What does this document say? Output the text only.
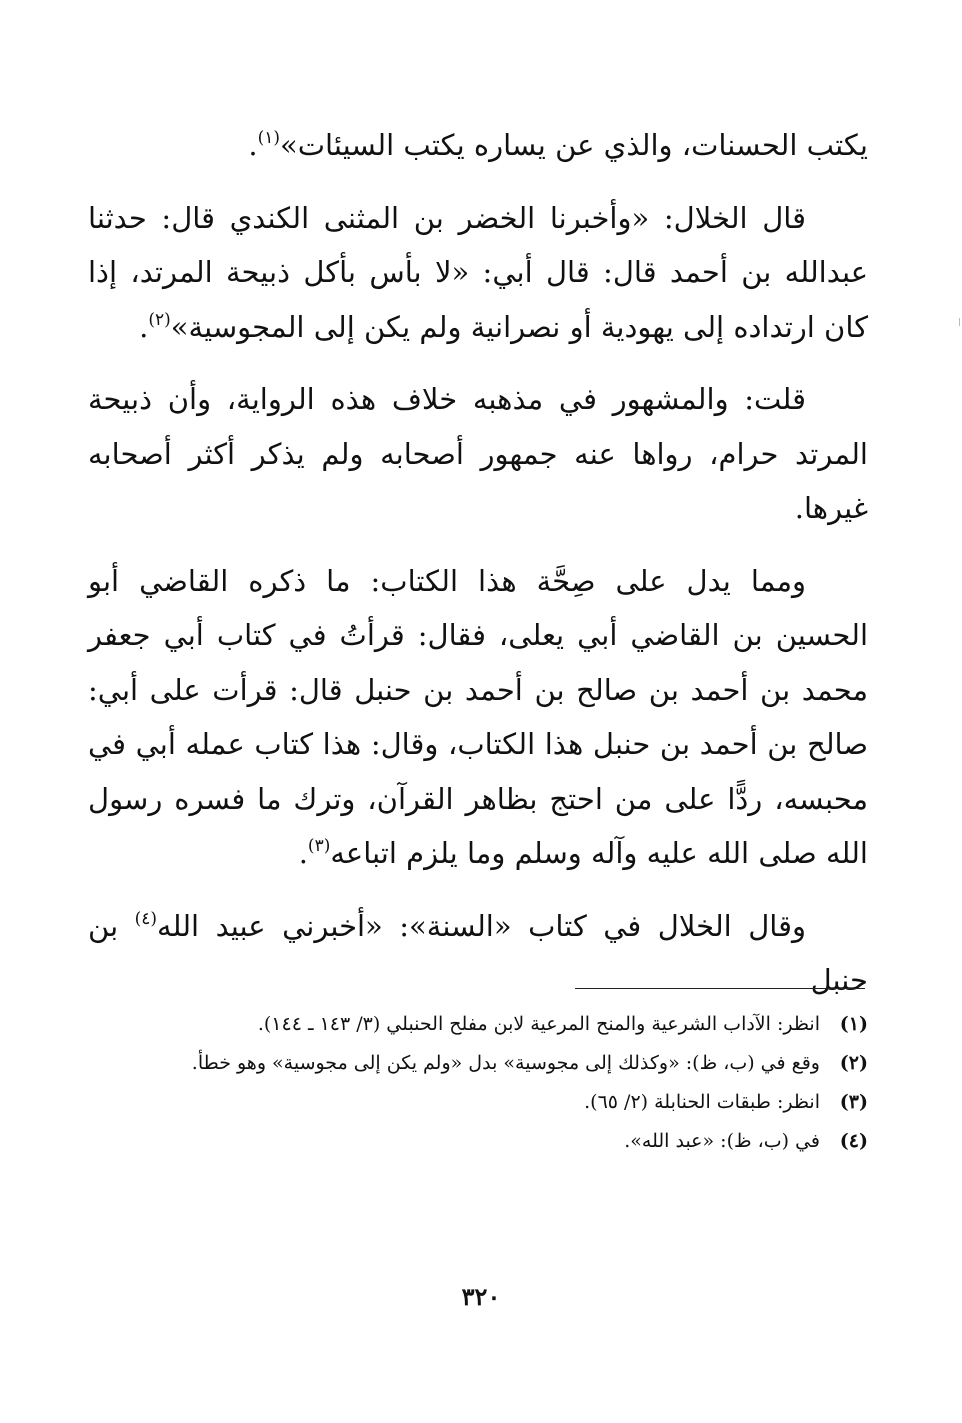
يكتب الحسنات، والذي عن يساره يكتب السيئات»$^{(١)}$.

قال الخلال: «وأخبرنا الخضر بن المثنى الكندي قال: حدثنا عبدالله بن أحمد قال: قال أبي: «لا بأس بأكل ذبيحة المرتد، إذا كان ارتداده إلى يهودية أو نصرانية ولم يكن إلى المجوسية»$^{(٢)}$.

قلت: والمشهور في مذهبه خلاف هذه الرواية، وأن ذبيحة المرتد حرام، رواها عنه جمهور أصحابه ولم يذكر أكثر أصحابه غيرها.

ومما يدل على صِحَّة هذا الكتاب: ما ذكره القاضي أبو الحسين بن القاضي أبي يعلى، فقال: قرأتُ في كتاب أبي جعفر محمد بن أحمد بن صالح بن أحمد بن حنبل قال: قرأت على أبي: صالح بن أحمد بن حنبل هذا الكتاب، وقال: هذا كتاب عمله أبي في محبسه، ردًّا على من احتج بظاهر القرآن، وترك ما فسره رسول الله صلى الله عليه وآله وسلم وما يلزم اتباعه$^{(٣)}$.

وقال الخلال في كتاب «السنة»: «أخبرني عبيد الله$^{(٤)}$ بن حنبل

(١)
انظر: الآداب الشرعية والمنح المرعية لابن مفلح الحنبلي (٣/ ١٤٣ ـ ١٤٤).
(٢)
وقع في (ب، ظ): «وكذلك إلى مجوسية» بدل «ولم يكن إلى مجوسية» وهو خطأ.
(٣)
انظر: طبقات الحنابلة (٢/ ٦٥).
(٤)
في (ب، ظ): «عبد الله».
٣٢٠
